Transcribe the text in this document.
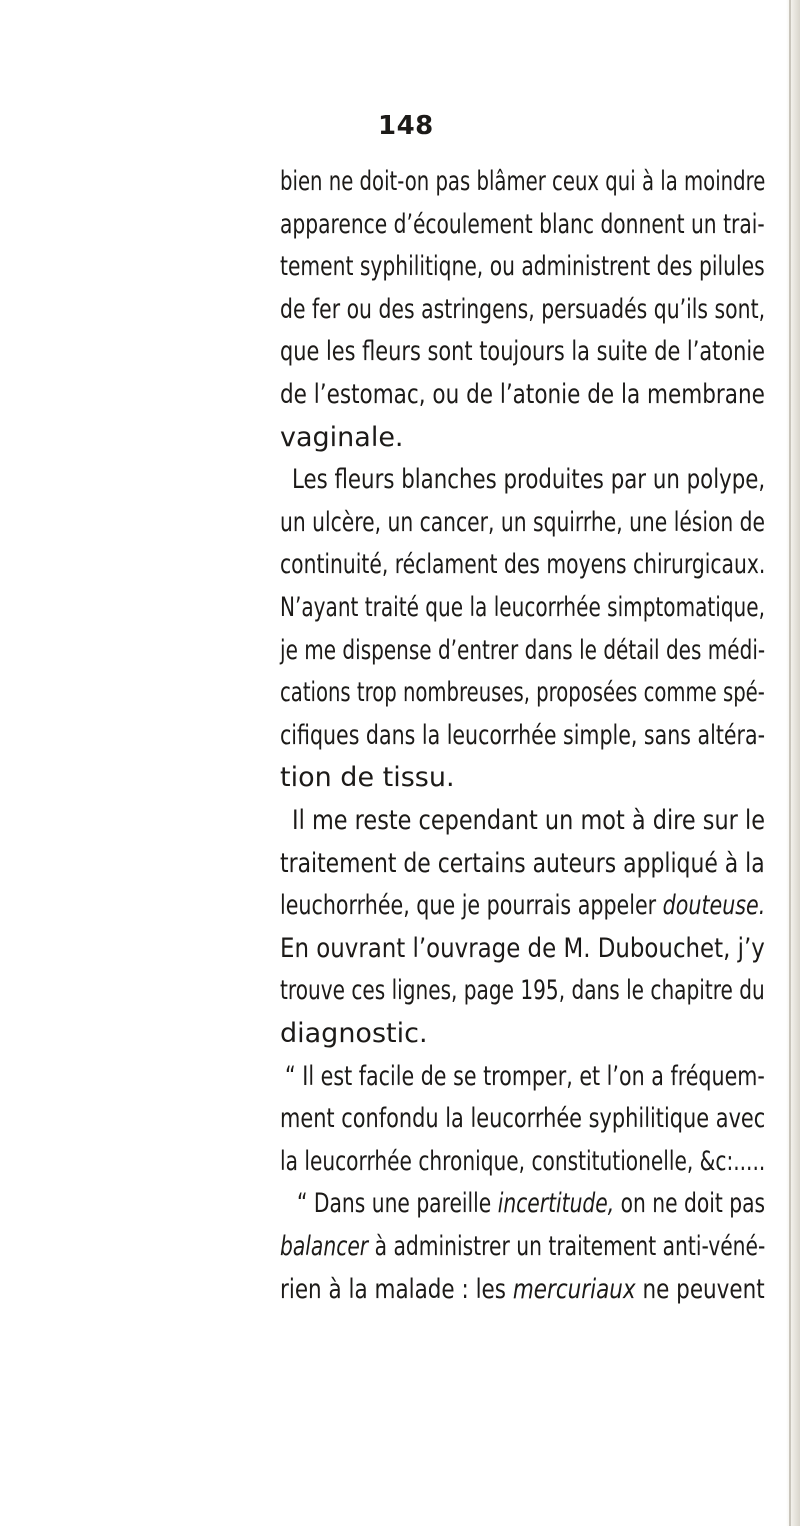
148
bien ne doit-on pas blâmer ceux qui à la moindre
apparence d’écoulement blanc donnent un trai-
tement syphilitiqne, ou administrent des pilules
de fer ou des astringens, persuadés qu’ils sont,
que les fleurs sont toujours la suite de l’atonie
de l’estomac, ou de l’atonie de la membrane
vaginale.
Les fleurs blanches produites par un polype,
un ulcère, un cancer, un squirrhe, une lésion de
continuité, réclament des moyens chirurgicaux.
N’ayant traité que la leucorrhée simptomatique,
je me dispense d’entrer dans le détail des médi-
cations trop nombreuses, proposées comme spé-
cifiques dans la leucorrhée simple, sans altéra-
tion de tissu.
Il me reste cependant un mot à dire sur le
traitement de certains auteurs appliqué à la
leuchorrhée, que je pourrais appeler douteuse.
En ouvrant l’ouvrage de M. Dubouchet, j’y
trouve ces lignes, page 195, dans le chapitre du
diagnostic.
“ Il est facile de se tromper, et l’on a fréquem-
ment confondu la leucorrhée syphilitique avec
la leucorrhée chronique, constitutionelle, &c:.....
“ Dans une pareille incertitude, on ne doit pas
balancer à administrer un traitement anti-véné-
rien à la malade : les mercuriaux ne peuvent
